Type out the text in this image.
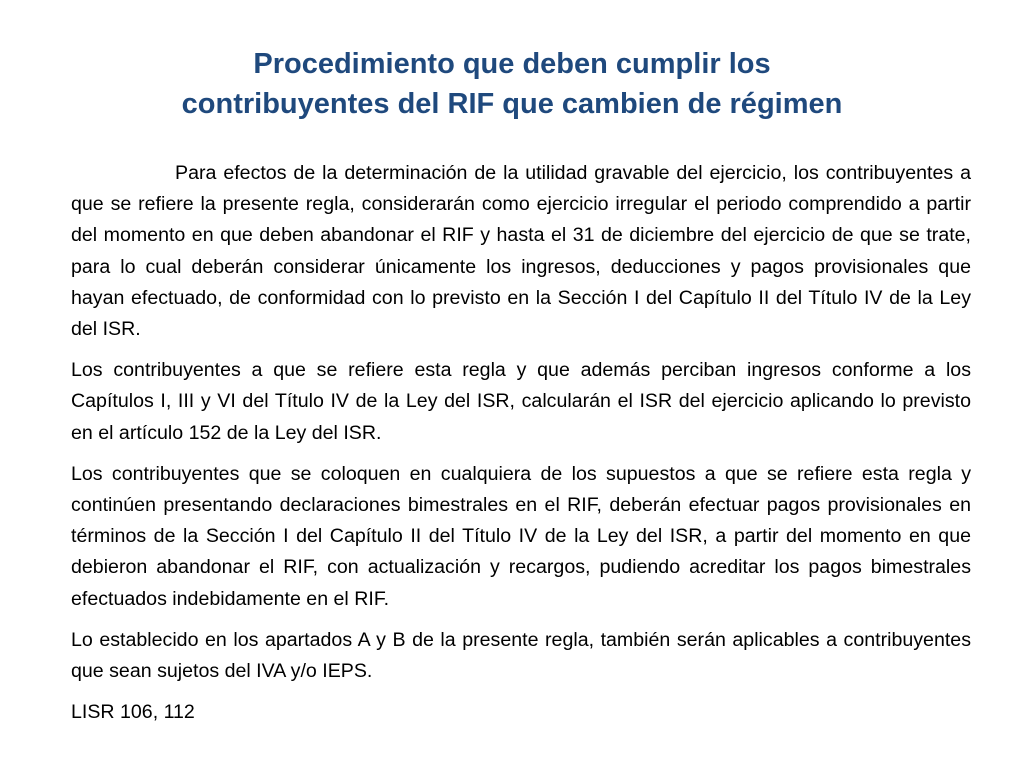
Procedimiento que deben cumplir los
contribuyentes del RIF que cambien de régimen

Para efectos de la determinación de la utilidad gravable del ejercicio, los contribuyentes a que se refiere la presente regla, considerarán como ejercicio irregular el periodo comprendido a partir del momento en que deben abandonar el RIF y hasta el 31 de diciembre del ejercicio de que se trate, para lo cual deberán considerar únicamente los ingresos, deducciones y pagos provisionales que hayan efectuado, de conformidad con lo previsto en la Sección I del Capítulo II del Título IV de la Ley del ISR.

Los contribuyentes a que se refiere esta regla y que además perciban ingresos conforme a los Capítulos I, III y VI del Título IV de la Ley del ISR, calcularán el ISR del ejercicio aplicando lo previsto en el artículo 152 de la Ley del ISR.

Los contribuyentes que se coloquen en cualquiera de los supuestos a que se refiere esta regla y continúen presentando declaraciones bimestrales en el RIF, deberán efectuar pagos provisionales en términos de la Sección I del Capítulo II del Título IV de la Ley del ISR, a partir del momento en que debieron abandonar el RIF, con actualización y recargos, pudiendo acreditar los pagos bimestrales efectuados indebidamente en el RIF.

Lo establecido en los apartados A y B de la presente regla, también serán aplicables a contribuyentes que sean sujetos del IVA y/o IEPS.

LISR 106, 112
